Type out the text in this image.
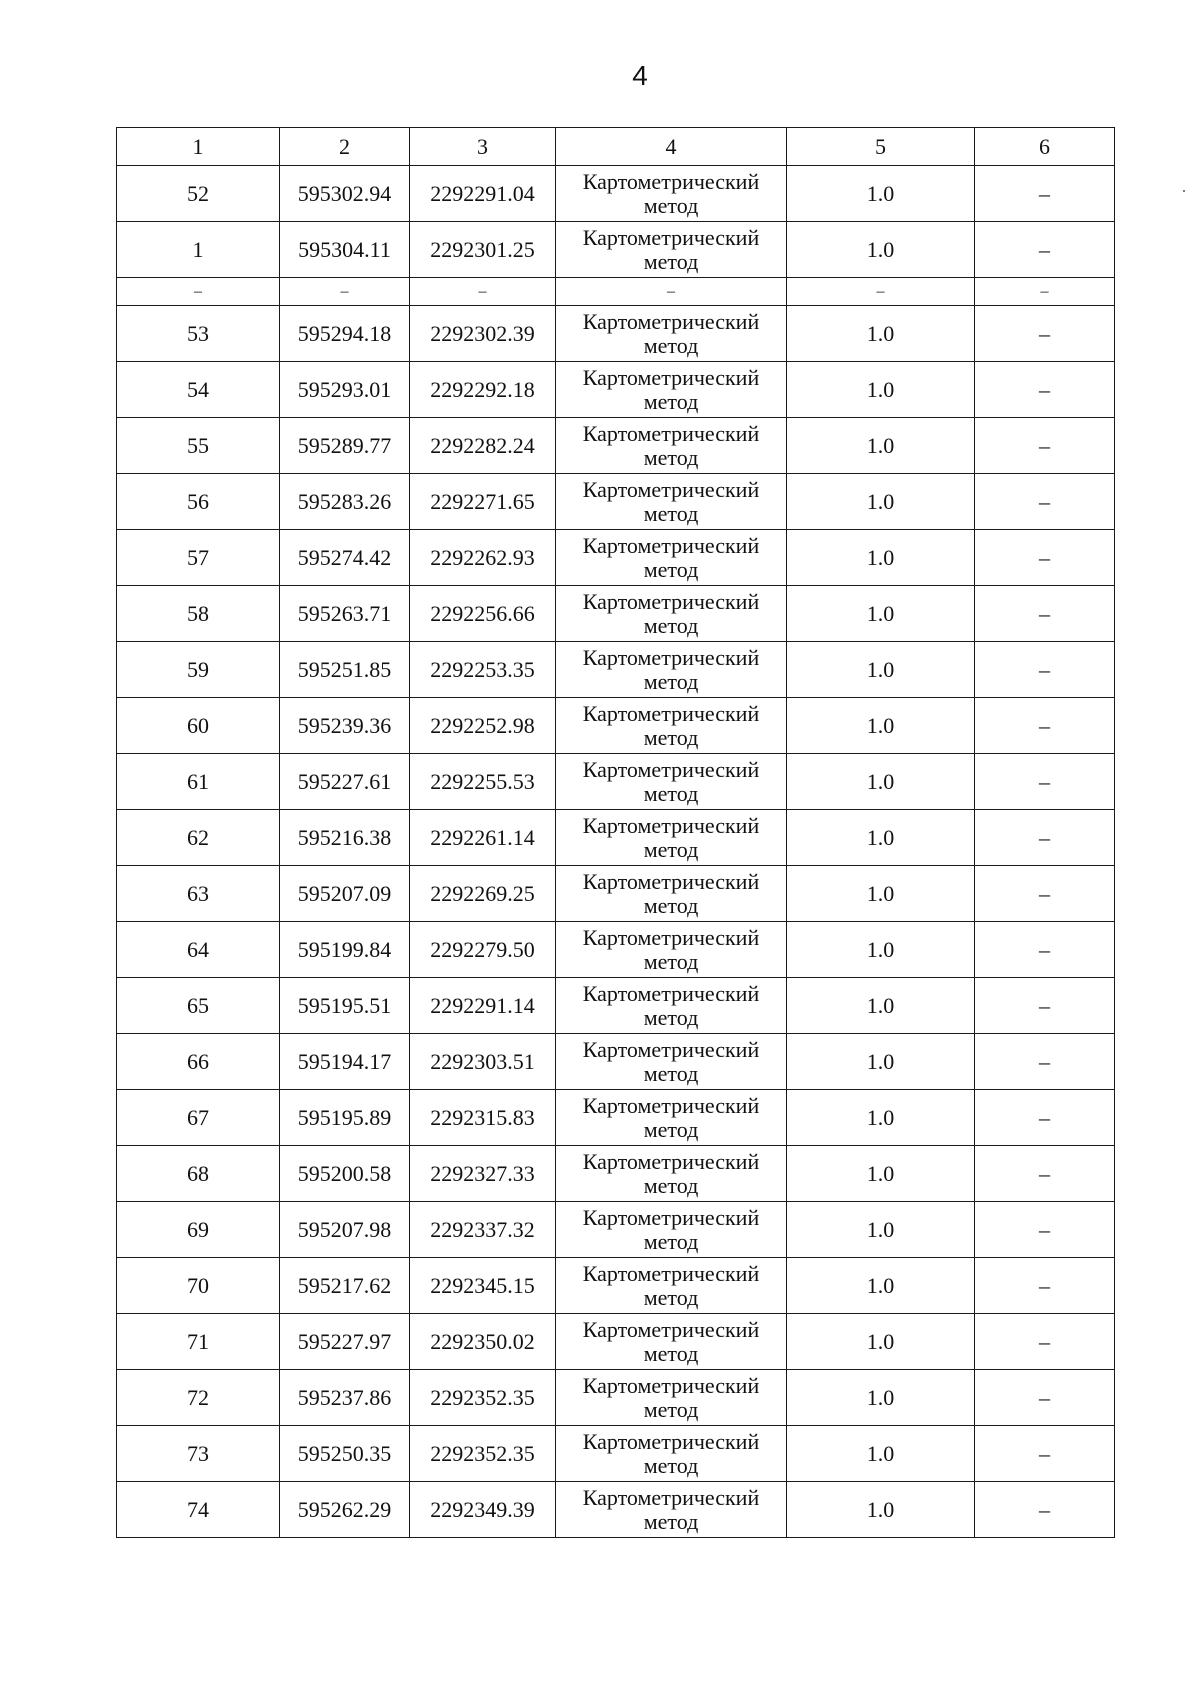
4
1	2	3	4	5	6
52	595302.94	2292291.04	Картометрический метод	1.0	–
1	595304.11	2292301.25	Картометрический метод	1.0	–
–	–	–	–	–	–
53	595294.18	2292302.39	Картометрический метод	1.0	–
54	595293.01	2292292.18	Картометрический метод	1.0	–
55	595289.77	2292282.24	Картометрический метод	1.0	–
56	595283.26	2292271.65	Картометрический метод	1.0	–
57	595274.42	2292262.93	Картометрический метод	1.0	–
58	595263.71	2292256.66	Картометрический метод	1.0	–
59	595251.85	2292253.35	Картометрический метод	1.0	–
60	595239.36	2292252.98	Картометрический метод	1.0	–
61	595227.61	2292255.53	Картометрический метод	1.0	–
62	595216.38	2292261.14	Картометрический метод	1.0	–
63	595207.09	2292269.25	Картометрический метод	1.0	–
64	595199.84	2292279.50	Картометрический метод	1.0	–
65	595195.51	2292291.14	Картометрический метод	1.0	–
66	595194.17	2292303.51	Картометрический метод	1.0	–
67	595195.89	2292315.83	Картометрический метод	1.0	–
68	595200.58	2292327.33	Картометрический метод	1.0	–
69	595207.98	2292337.32	Картометрический метод	1.0	–
70	595217.62	2292345.15	Картометрический метод	1.0	–
71	595227.97	2292350.02	Картометрический метод	1.0	–
72	595237.86	2292352.35	Картометрический метод	1.0	–
73	595250.35	2292352.35	Картометрический метод	1.0	–
74	595262.29	2292349.39	Картометрический метод	1.0	–
